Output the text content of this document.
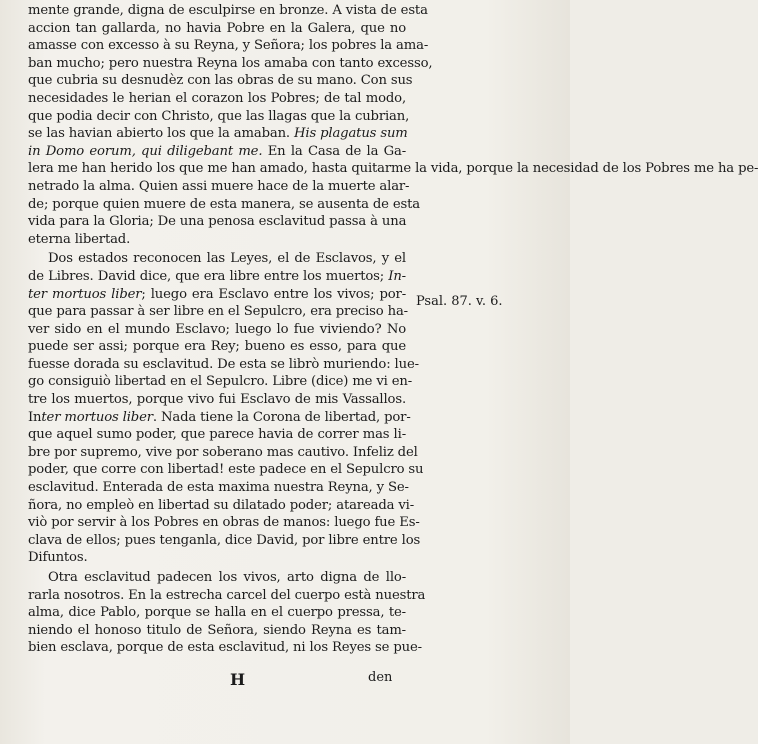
mente grande, digna de esculpirse en bronze. A vista de esta
accion tan gallarda, no havia Pobre en la Galera, que no
amasse con excesso à su Reyna, y Señora; los pobres la ama-
ban mucho; pero nuestra Reyna los amaba con tanto excesso,
que cubria su desnudèz con las obras de su mano. Con sus
necesidades le herian el corazon los Pobres; de tal modo,
que podia decir con Christo, que las llagas que la cubrian,
se las havian abierto los que la amaban. His plagatus sum
in Domo eorum, qui diligebant me. En la Casa de la Ga-
lera me han herido los que me han amado, hasta quitarme la vida, porque la necesidad de los Pobres me ha pe-
netrado la alma. Quien assi muere hace de la muerte alar-
de; porque quien muere de esta manera, se ausenta de esta
vida para la Gloria; De una penosa esclavitud passa à una
eterna libertad.
Dos estados reconocen las Leyes, el de Esclavos, y el
de Libres. David dice, que era libre entre los muertos; In-
ter mortuos liber; luego era Esclavo entre los vivos; por-
que para passar à ser libre en el Sepulcro, era preciso ha-
ver sido en el mundo Esclavo; luego lo fue viviendo? No
puede ser assi; porque era Rey; bueno es esso, para que
fuesse dorada su esclavitud. De esta se librò muriendo: lue-
go consiguiò libertad en el Sepulcro. Libre (dice) me vi en-
tre los muertos, porque vivo fui Esclavo de mis Vassallos.
Inter mortuos liber. Nada tiene la Corona de libertad, por-
que aquel sumo poder, que parece havia de correr mas li-
bre por supremo, vive por soberano mas cautivo. Infeliz del
poder, que corre con libertad! este padece en el Sepulcro su
esclavitud. Enterada de esta maxima nuestra Reyna, y Se-
ñora, no empleò en libertad su dilatado poder; atareada vi-
viò por servir à los Pobres en obras de manos: luego fue Es-
clava de ellos; pues tenganla, dice David, por libre entre los
Difuntos.
Otra esclavitud padecen los vivos, arto digna de llo-
rarla nosotros. En la estrecha carcel del cuerpo està nuestra
alma, dice Pablo, porque se halla en el cuerpo pressa, te-
niendo el honoso titulo de Señora, siendo Reyna es tam-
bien esclava, porque de esta esclavitud, ni los Reyes se pue-
Psal. 87. v. 6.
H	den
